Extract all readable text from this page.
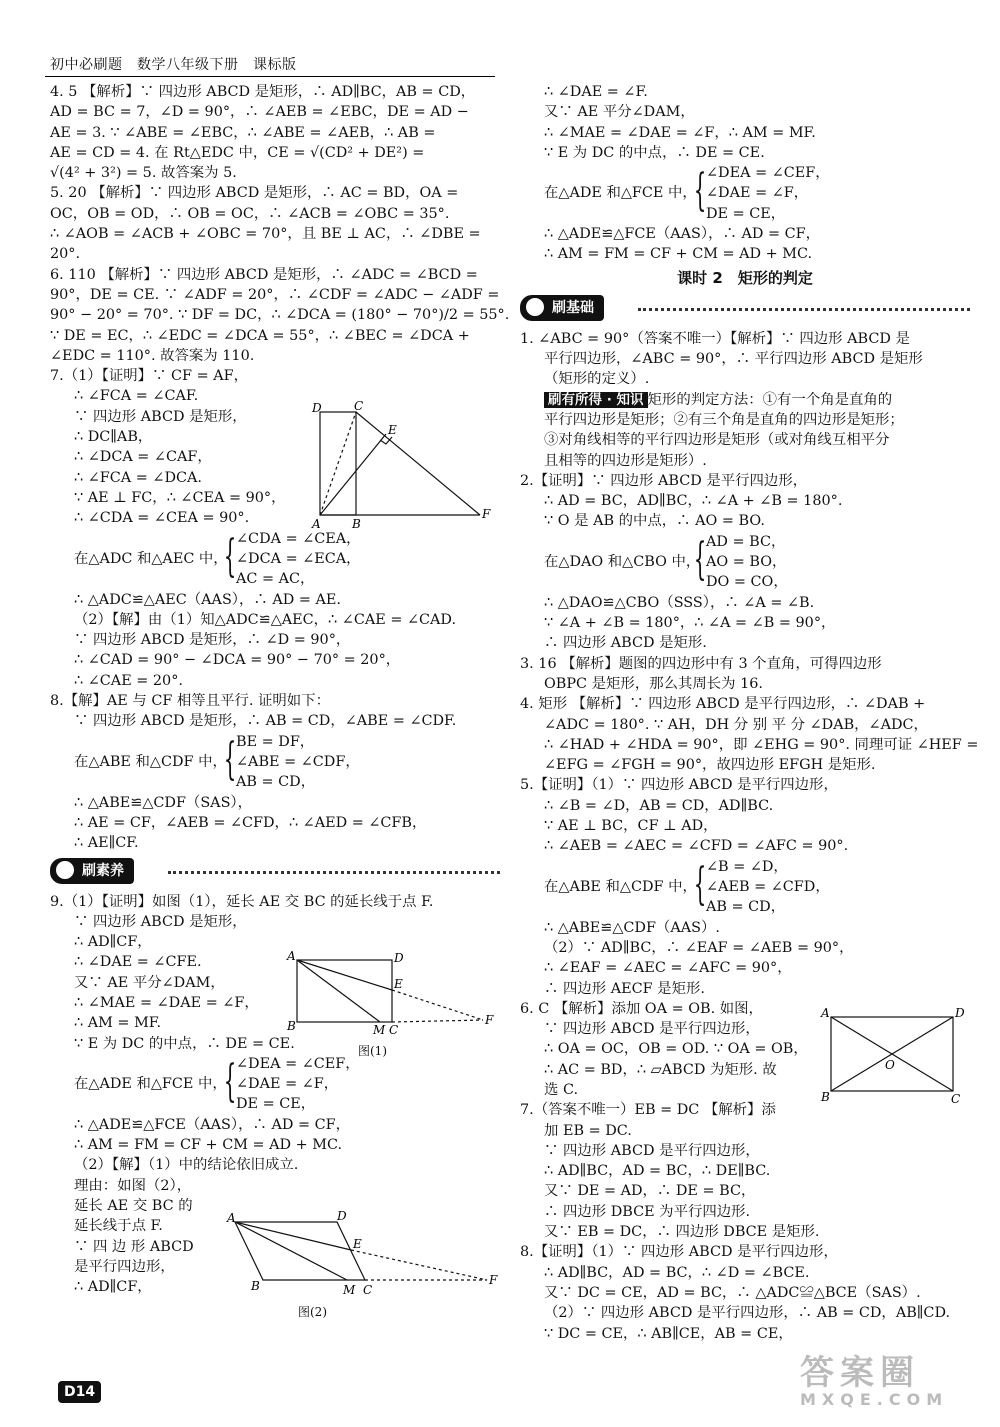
初中必刷题　数学八年级下册　课标版
4. 5 【解析】∵ 四边形 ABCD 是矩形，∴ AD∥BC，AB = CD，
AD = BC = 7，∠D = 90°，∴ ∠AEB = ∠EBC，DE = AD −
AE = 3. ∵ ∠ABE = ∠EBC，∴ ∠ABE = ∠AEB，∴ AB =
AE = CD = 4. 在 Rt△EDC 中，CE = √(CD² + DE²) =
√(4² + 3²) = 5. 故答案为 5.
5. 20 【解析】∵ 四边形 ABCD 是矩形，∴ AC = BD，OA =
OC，OB = OD，∴ OB = OC，∴ ∠ACB = ∠OBC = 35°.
∴ ∠AOB = ∠ACB + ∠OBC = 70°，且 BE ⊥ AC，∴ ∠DBE =
20°.
6. 110 【解析】∵ 四边形 ABCD 是矩形，∴ ∠ADC = ∠BCD =
90°，DE = CE. ∵ ∠ADF = 20°，∴ ∠CDF = ∠ADC − ∠ADF =
90° − 20° = 70°. ∵ DF = DC，∴ ∠DCA = (180° − 70°)/2 = 55°.
∵ DE = EC，∴ ∠EDC = ∠DCA = 55°，∴ ∠BEC = ∠DCA +
∠EDC = 110°. 故答案为 110.
7.（1）【证明】∵ CF = AF，
∴ ∠FCA = ∠CAF.
∵ 四边形 ABCD 是矩形，
∴ DC∥AB，
∴ ∠DCA = ∠CAF，
∴ ∠FCA = ∠DCA.
∵ AE ⊥ FC，∴ ∠CEA = 90°，
∴ ∠CDA = ∠CEA = 90°.
在△ADC 和△AEC 中，
{ ∠CDA = ∠CEA，
∠DCA = ∠ECA，
AC = AC，
∴ △ADC≌△AEC（AAS），∴ AD = AE.
（2）【解】由（1）知△ADC≌△AEC，∴ ∠CAE = ∠CAD.
∵ 四边形 ABCD 是矩形，∴ ∠D = 90°，
∴ ∠CAD = 90° − ∠DCA = 90° − 70° = 20°，
∴ ∠CAE = 20°.
8.【解】AE 与 CF 相等且平行. 证明如下：
∵ 四边形 ABCD 是矩形，∴ AB = CD，∠ABE = ∠CDF.
在△ABE 和△CDF 中，
{ BE = DF，
∠ABE = ∠CDF，
AB = CD，
∴ △ABE≌△CDF（SAS），
∴ AE = CF，∠AEB = ∠CFD，∴ ∠AED = ∠CFB，
∴ AE∥CF.
刷素养
9.（1）【证明】如图（1），延长 AE 交 BC 的延长线于点 F.
∵ 四边形 ABCD 是矩形，
∴ AD∥CF，
∴ ∠DAE = ∠CFE.
又∵ AE 平分∠DAM，
∴ ∠MAE = ∠DAE = ∠F，
∴ AM = MF.
∵ E 为 DC 的中点，∴ DE = CE.
在△ADE 和△FCE 中，
{ ∠DEA = ∠CEF，
∠DAE = ∠F，
DE = CE，
∴ △ADE≌△FCE（AAS），∴ AD = CF，
∴ AM = FM = CF + CM = AD + MC.
（2）【解】（1）中的结论依旧成立.
理由：如图（2），
延长 AE 交 BC 的
延长线于点 F.
∵ 四 边 形 ABCD
是平行四边形，
∴ AD∥CF，
D	C
E
A	B
F
A	D
E
B	M C
F
图(1)
A	D
E
B	M C
F
图(2)
∴ ∠DAE = ∠F.
又∵ AE 平分∠DAM，
∴ ∠MAE = ∠DAE = ∠F，∴ AM = MF.
∵ E 为 DC 的中点，∴ DE = CE.
在△ADE 和△FCE 中，
{ ∠DEA = ∠CEF，
∠DAE = ∠F，
DE = CE，
∴ △ADE≌△FCE（AAS），∴ AD = CF，
∴ AM = FM = CF + CM = AD + MC.
课时 2　矩形的判定
刷基础
1. ∠ABC = 90°（答案不唯一）【解析】∵ 四边形 ABCD 是
平行四边形，∠ABC = 90°，∴ 平行四边形 ABCD 是矩形
（矩形的定义）.
刷有所得 · 知识 矩形的判定方法：①有一个角是直角的
平行四边形是矩形；②有三个角是直角的四边形是矩形；
③对角线相等的平行四边形是矩形（或对角线互相平分
且相等的四边形是矩形）.
2.【证明】∵ 四边形 ABCD 是平行四边形，
∴ AD = BC，AD∥BC，∴ ∠A + ∠B = 180°.
∵ O 是 AB 的中点，∴ AO = BO.
在△DAO 和△CBO 中，
{ AD = BC，
AO = BO，
DO = CO，
∴ △DAO≌△CBO（SSS），∴ ∠A = ∠B.
∵ ∠A + ∠B = 180°，∴ ∠A = ∠B = 90°，
∴ 四边形 ABCD 是矩形.
3. 16 【解析】题图的四边形中有 3 个直角，可得四边形
OBPC 是矩形，那么其周长为 16.
4. 矩形 【解析】∵ 四边形 ABCD 是平行四边形，∴ ∠DAB +
∠ADC = 180°. ∵ AH，DH 分 别 平 分 ∠DAB，∠ADC，
∴ ∠HAD + ∠HDA = 90°，即 ∠EHG = 90°. 同理可证 ∠HEF =
∠EFG = ∠FGH = 90°，故四边形 EFGH 是矩形.
5.【证明】（1）∵ 四边形 ABCD 是平行四边形，
∴ ∠B = ∠D，AB = CD，AD∥BC.
∵ AE ⊥ BC，CF ⊥ AD，
∴ ∠AEB = ∠AEC = ∠CFD = ∠AFC = 90°.
在△ABE 和△CDF 中，
{ ∠B = ∠D，
∠AEB = ∠CFD，
AB = CD，
∴ △ABE≌△CDF（AAS）.
（2）∵ AD∥BC，∴ ∠EAF = ∠AEB = 90°，
∴ ∠EAF = ∠AEC = ∠AFC = 90°，
∴ 四边形 AECF 是矩形.
6. C 【解析】添加 OA = OB. 如图，
∵ 四边形 ABCD 是平行四边形，
∴ OA = OC，OB = OD. ∵ OA = OB，
∴ AC = BD，∴ ▱ABCD 为矩形. 故
选 C.
7.（答案不唯一）EB = DC 【解析】添
加 EB = DC.
∵ 四边形 ABCD 是平行四边形，
∴ AD∥BC，AD = BC，∴ DE∥BC.
又∵ DE = AD，∴ DE = BC，
∴ 四边形 DBCE 为平行四边形.
又∵ EB = DC，∴ 四边形 DBCE 是矩形.
8.【证明】（1）∵ 四边形 ABCD 是平行四边形，
∴ AD∥BC，AD = BC，∴ ∠D = ∠BCE.
又∵ DC = CE，AD = BC，∴ △ADC≌△BCE（SAS）.
（2）∵ 四边形 ABCD 是平行四边形，∴ AB = CD，AB∥CD.
∵ DC = CE，∴ AB∥CE，AB = CE，
A	D
O
B	C
D14	答案圈
MXQE.COM
